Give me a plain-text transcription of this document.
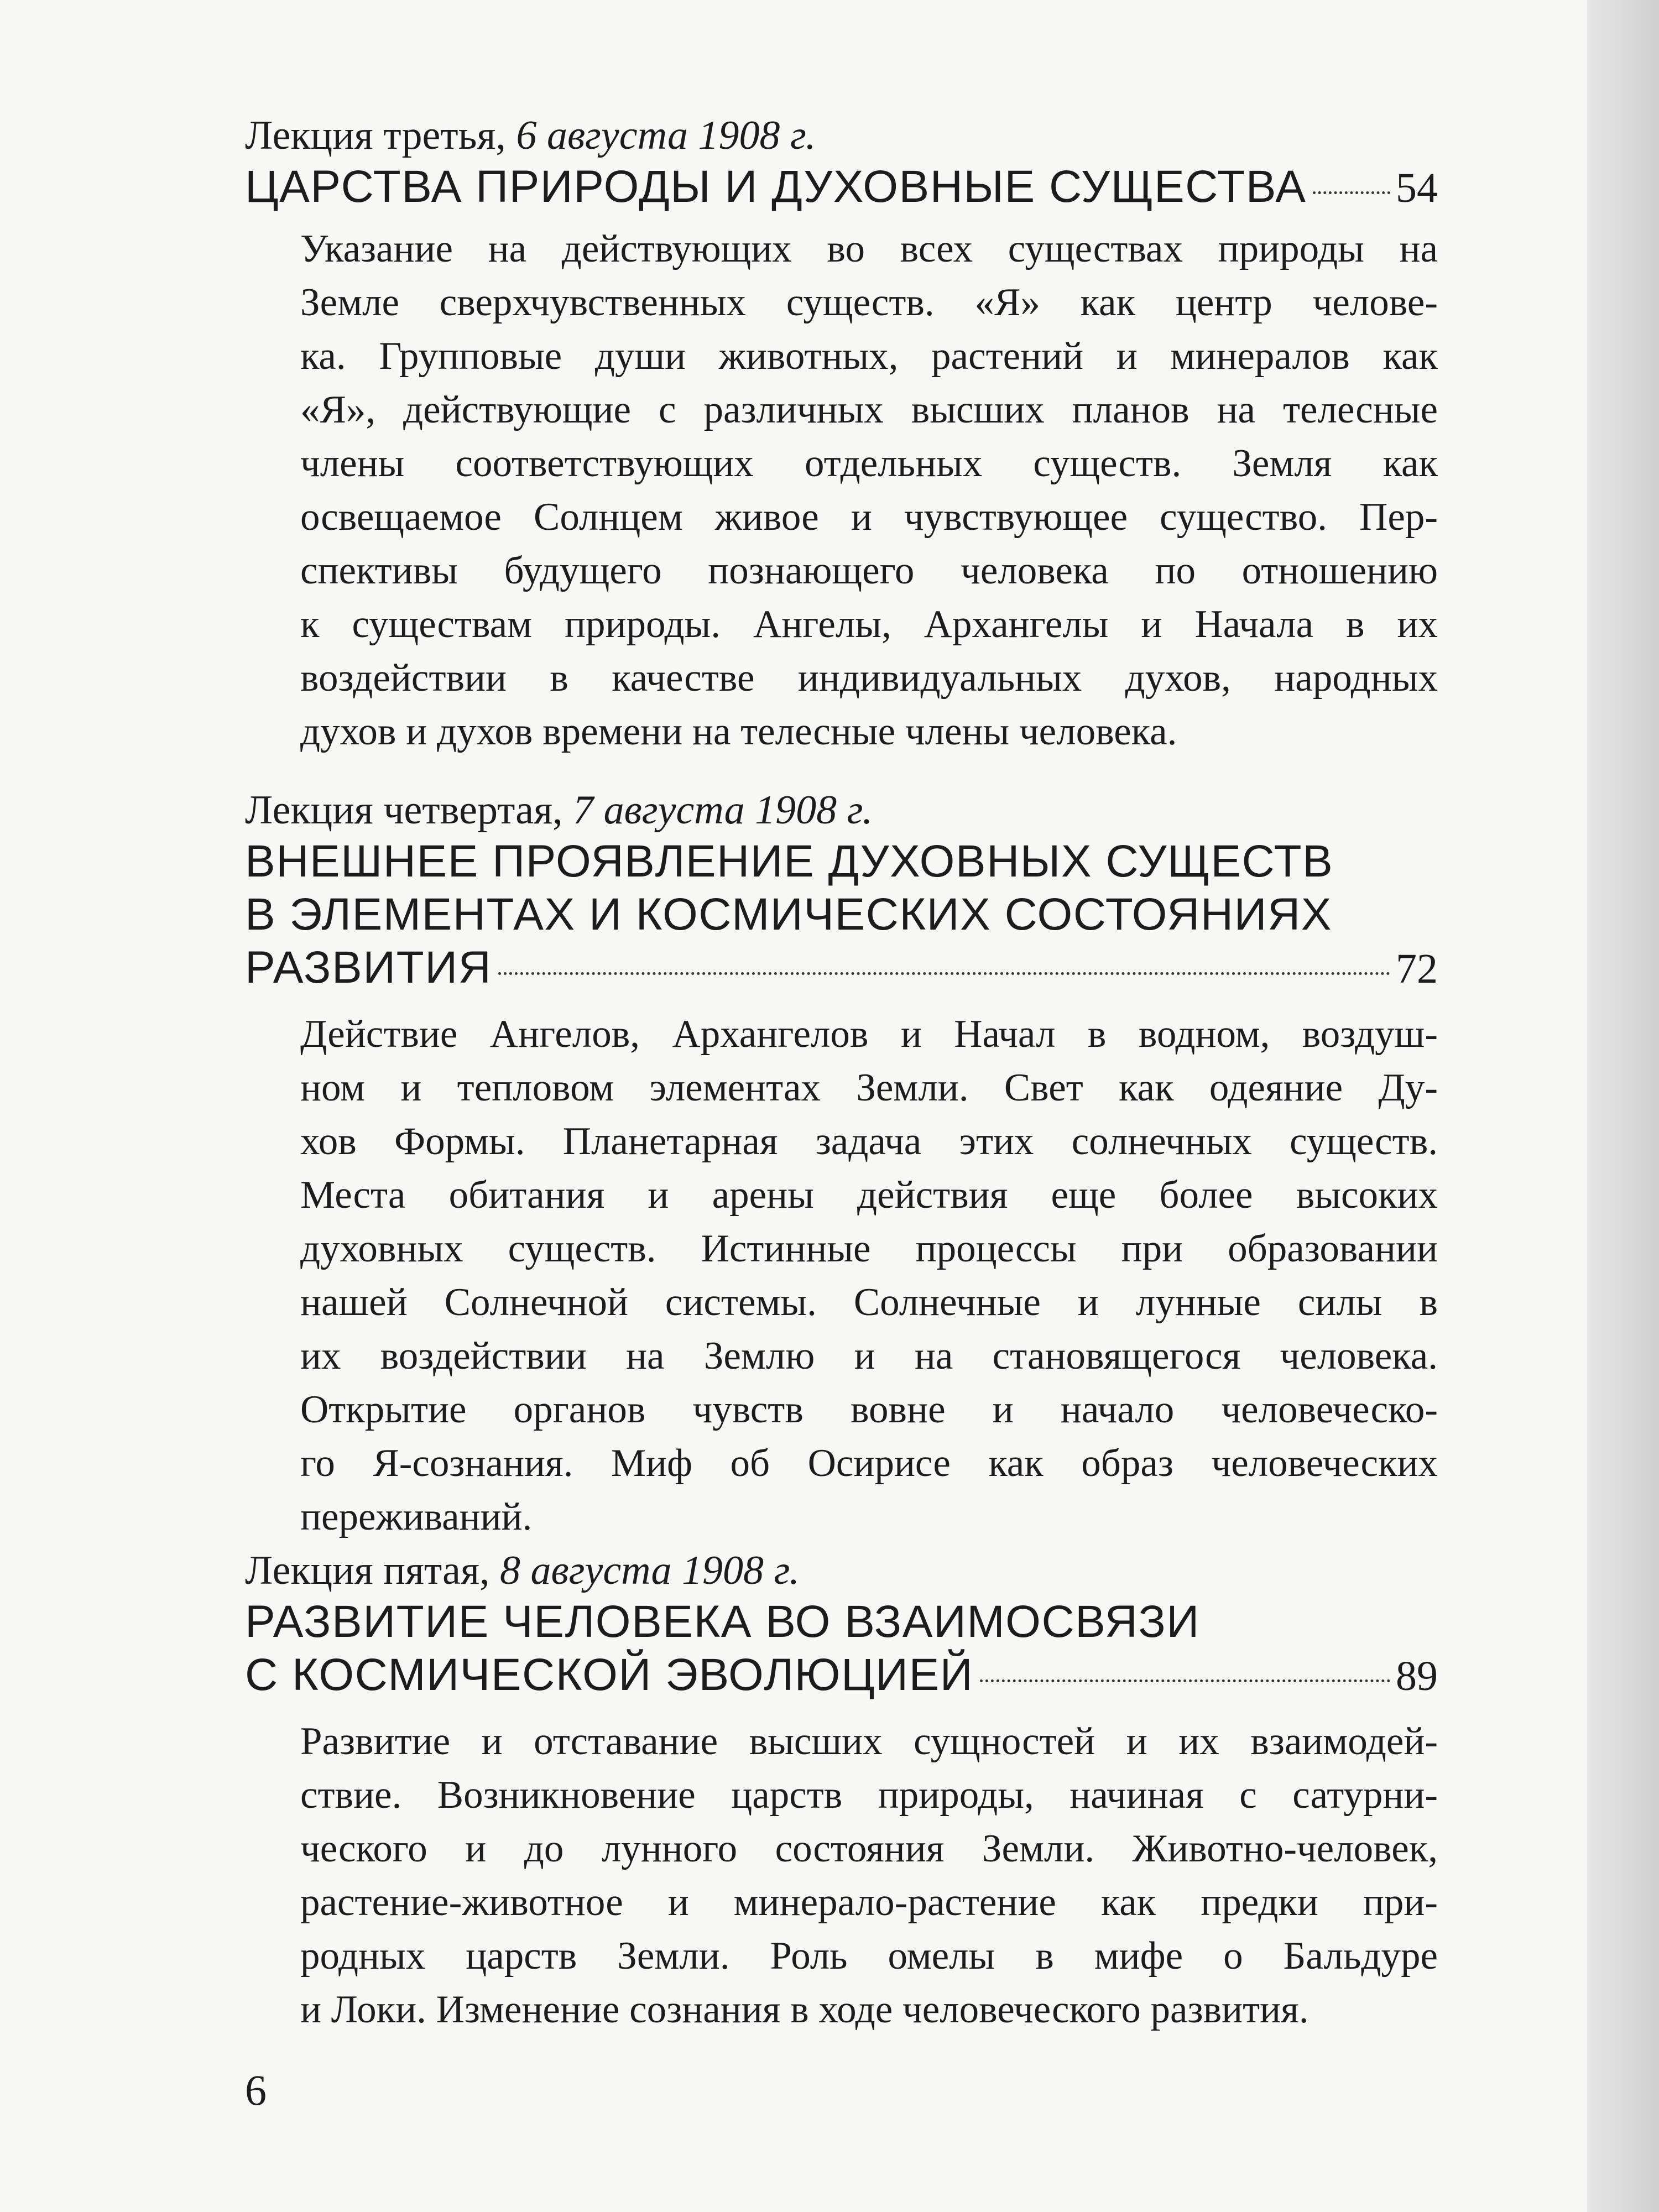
Лекция третья, 6 августа 1908 г.

ЦАРСТВА ПРИРОДЫ И ДУХОВНЫЕ СУЩЕСТВА 54
Указание на действующих во всех существах природы на
Земле сверхчувственных существ. «Я» как центр челове-
ка. Групповые души животных, растений и минералов как
«Я», действующие с различных высших планов на телесные
члены соответствующих отдельных существ. Земля как
освещаемое Солнцем живое и чувствующее существо. Пер-
спективы будущего познающего человека по отношению
к существам природы. Ангелы, Архангелы и Начала в их
воздействии в качестве индивидуальных духов, народных
духов и духов времени на телесные члены человека.

Лекция четвертая, 7 августа 1908 г.

ВНЕШНЕЕ ПРОЯВЛЕНИЕ ДУХОВНЫХ СУЩЕСТВ
В ЭЛЕМЕНТАХ И КОСМИЧЕСКИХ СОСТОЯНИЯХ
РАЗВИТИЯ	72
Действие Ангелов, Архангелов и Начал в водном, воздуш-
ном и тепловом элементах Земли. Свет как одеяние Ду-
хов Формы. Планетарная задача этих солнечных существ.
Места обитания и арены действия еще более высоких
духовных существ. Истинные процессы при образовании
нашей Солнечной системы. Солнечные и лунные силы в
их воздействии на Землю и на становящегося человека.
Открытие органов чувств вовне и начало человеческо-
го Я-сознания. Миф об Осирисе как образ человеческих
переживаний.

Лекция пятая, 8 августа 1908 г.

РАЗВИТИЕ ЧЕЛОВЕКА ВО ВЗАИМОСВЯЗИ
С КОСМИЧЕСКОЙ ЭВОЛЮЦИЕЙ	89
Развитие и отставание высших сущностей и их взаимодей-
ствие. Возникновение царств природы, начиная с сатурни-
ческого и до лунного состояния Земли. Животно-человек,
растение-животное и минерало-растение как предки при-
родных царств Земли. Роль омелы в мифе о Бальдуре
и Локи. Изменение сознания в ходе человеческого развития.
6
